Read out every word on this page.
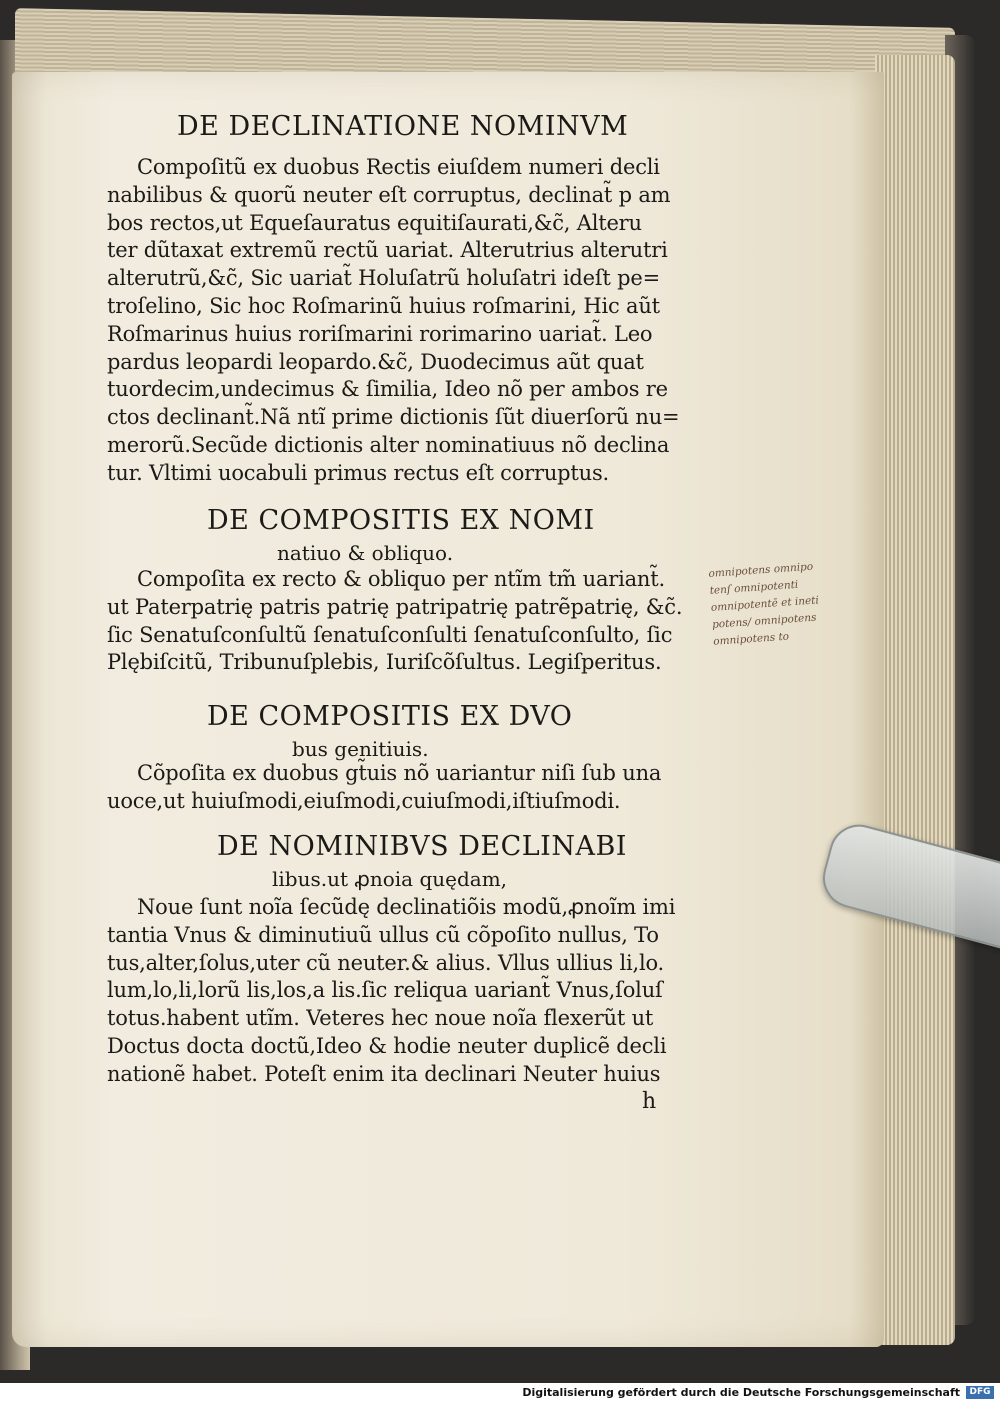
DE DECLINATIONE NOMINVM
Compoſitũ ex duobus Rectis eiuſdem numeri decli
nabilibus & quorũ neuter eſt corruptus, declinat̃ p am
bos rectos,ut Equeſauratus equitiſaurati,&c̃, Alteru
ter dũtaxat extremũ rectũ uariat. Alterutrius alterutri
alterutrũ,&c̃, Sic uariat̃ Holuſatrũ holuſatri ideſt pe=
troſelino, Sic hoc Roſmarinũ huius roſmarini, Hic aũt
Roſmarinus huius roriſmarini rorimarino uariat̃. Leo
pardus leopardi leopardo.&c̃, Duodecimus aũt quat
tuordecim,undecimus & ſimilia, Ideo nõ per ambos re
ctos declinant̃.Nã ntĩ prime dictionis ſũt diuerſorũ nu=
merorũ.Secũde dictionis alter nominatiuus nõ declina
tur. Vltimi uocabuli primus rectus eſt corruptus.
DE COMPOSITIS EX NOMI
natiuo & obliquo.
Compoſita ex recto & obliquo per ntĩm tm̃ uariant̃.
ut Paterpatrię patris patrię patripatrię patrẽpatrię, &c̃.
ſic Senatuſconſultũ ſenatuſconſulti ſenatuſconſulto, ſic
Plębiſcitũ, Tribunuſplebis, Iuriſcõſultus. Legiſperitus.
DE COMPOSITIS EX DVO
bus genitiuis.
Cõpoſita ex duobus gt̃uis nõ uariantur niſi ſub una
uoce,ut huiuſmodi,eiuſmodi,cuiuſmodi,iſtiuſmodi.
DE NOMINIBVS DECLINABI
libus.ut ꝓnoia quędam,
Noue ſunt noĩa ſecũdę declinatiõis modũ,ꝓnoĩm imi
tantia Vnus & diminutiuũ ullus cũ cõpoſito nullus, To
tus,alter,ſolus,uter cũ neuter.& alius. Vllus ullius li,lo.
lum,lo,li,lorũ lis,los,a lis.ſic reliqua uariant̃ Vnus,ſoluſ
totus.habent utĩm. Veteres hec noue noĩa flexerũt ut
Doctus docta doctũ,Ideo & hodie neuter duplicẽ decli
nationẽ habet. Poteſt enim ita declinari Neuter huius
h
omnipotens omnipo
tenſ omnipotenti
omnipotentē et ineti
potens/ omnipotens
omnipotens to
Digitalisierung gefördert durch die Deutsche Forschungsgemeinschaft	DFG
